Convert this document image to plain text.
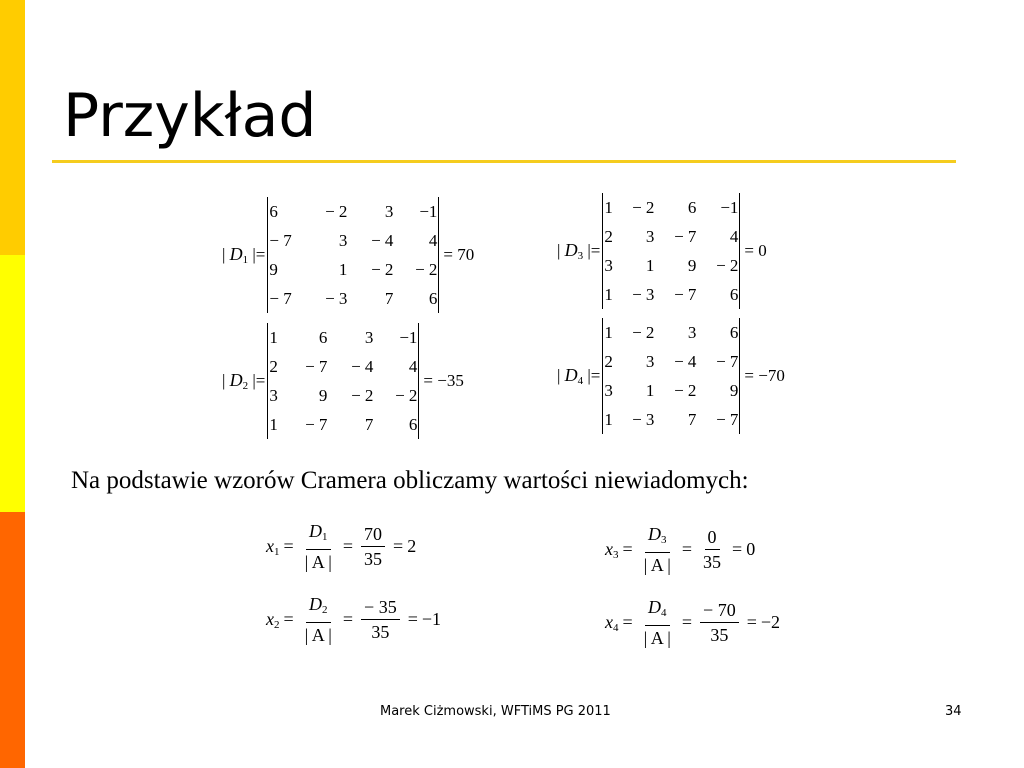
Przykład
| $D_1$ |=
6	− 2	3	−1
− 7	3	− 4	4
9	1	− 2	− 2
− 7	− 3	7	6
= 70
| $D_2$ |=
1	6	3	−1
2	− 7	− 4	4
3	9	− 2	− 2
1	− 7	7	6
= −35
| $D_3$ |=
1	− 2	6	−1
2	3	− 7	4
3	1	9	− 2
1	− 3	− 7	6
= 0
| $D_4$ |=
1	− 2	3	6
2	3	− 4	− 7
3	1	− 2	9
1	− 3	7	− 7
= −70
Na podstawie wzorów Cramera obliczamy wartości niewiadomych:
$x_1 = \frac{D_1}{| A |} = \frac{70}{35} = 2$
$x_2 = \frac{D_2}{| A |} = \frac{- 35}{35} = -1$
$x_3 = \frac{D_3}{| A |} = \frac{0}{35} = 0$
$x_4 = \frac{D_4}{| A |} = \frac{- 70}{35} = -2$
Marek Ciżmowski, WFTiMS PG 2011	34
